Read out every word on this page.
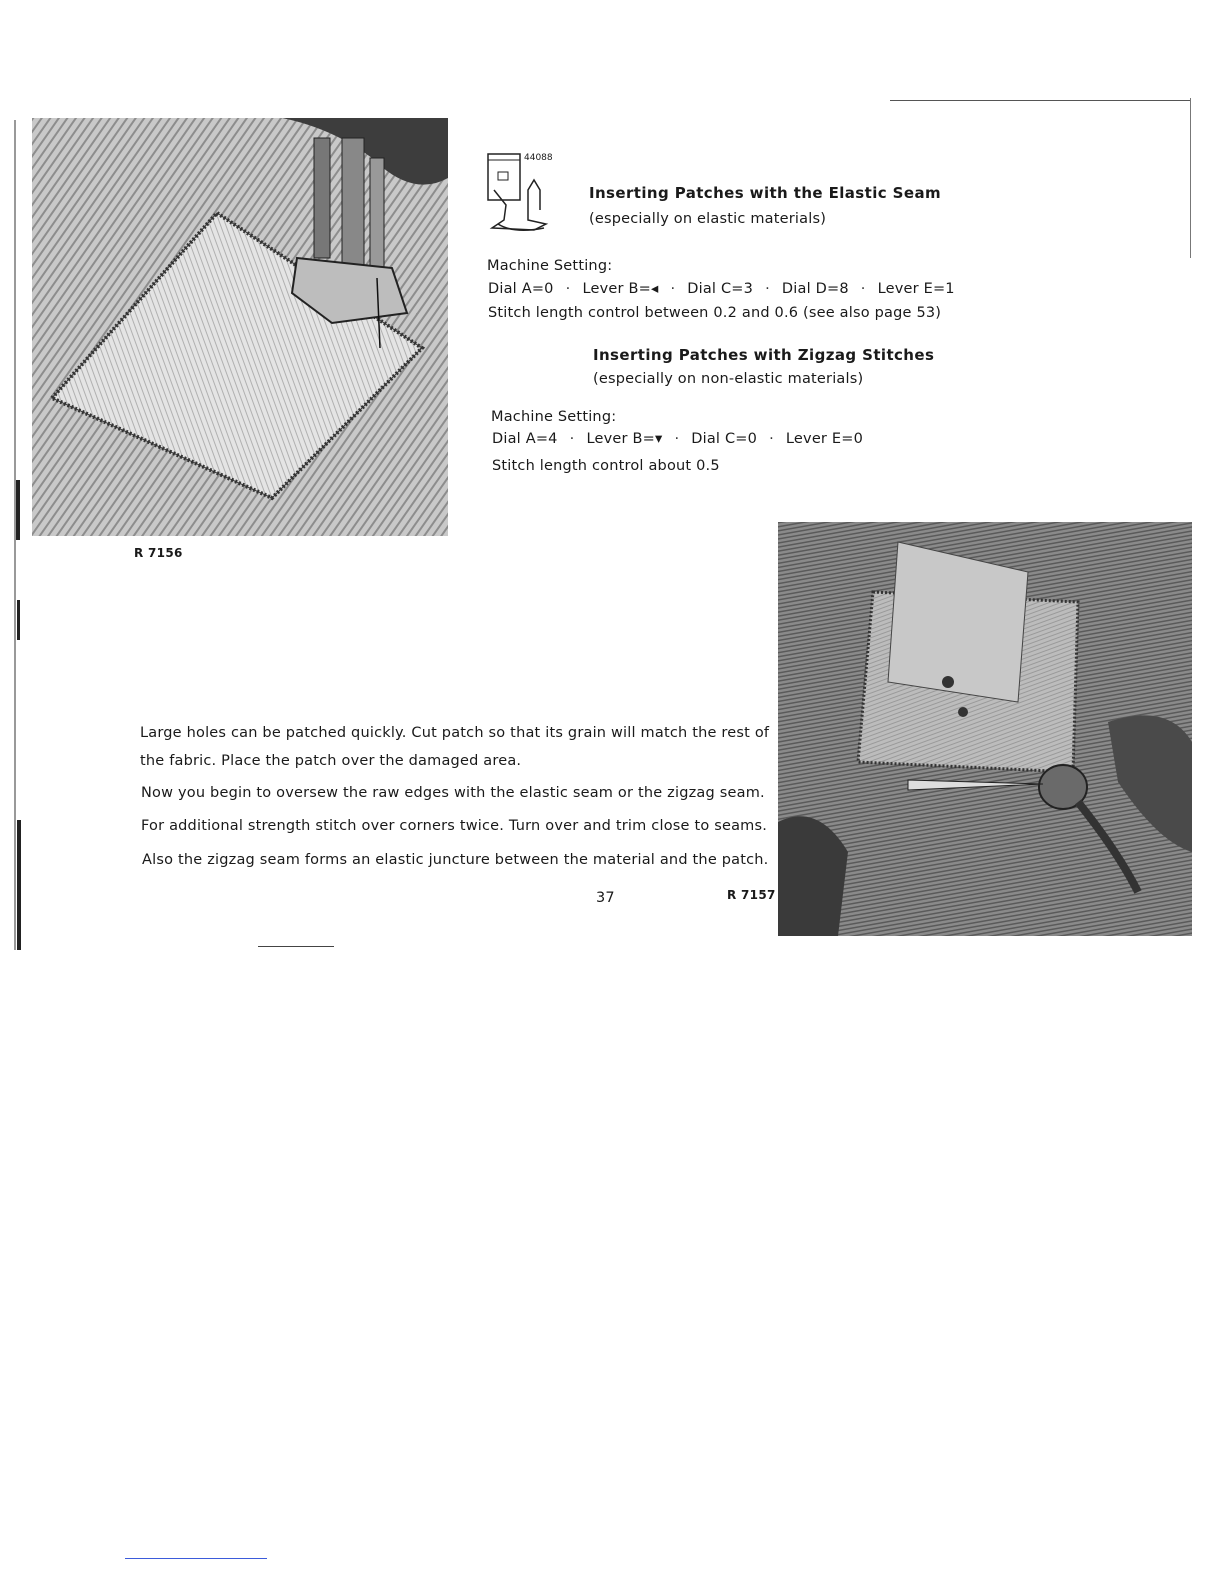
R 7156
44088
Inserting Patches with the Elastic Seam
(especially on elastic materials)
Machine Setting:
Dial A=0 · Lever B=◂ · Dial C=3 · Dial D=8 · Lever E=1
Stitch length control between 0.2 and 0.6 (see also page 53)
Inserting Patches with Zigzag Stitches
(especially on non-elastic materials)
Machine Setting:
Dial A=4 · Lever B=▾ · Dial C=0 · Lever E=0
Stitch length control about 0.5
Large holes can be patched quickly. Cut patch so that its grain will match the rest of
the fabric. Place the patch over the damaged area.
Now you begin to oversew the raw edges with the elastic seam or the zigzag seam.
For additional strength stitch over corners twice. Turn over and trim close to seams.
Also the zigzag seam forms an elastic juncture between the material and the patch.
37	R 7157
